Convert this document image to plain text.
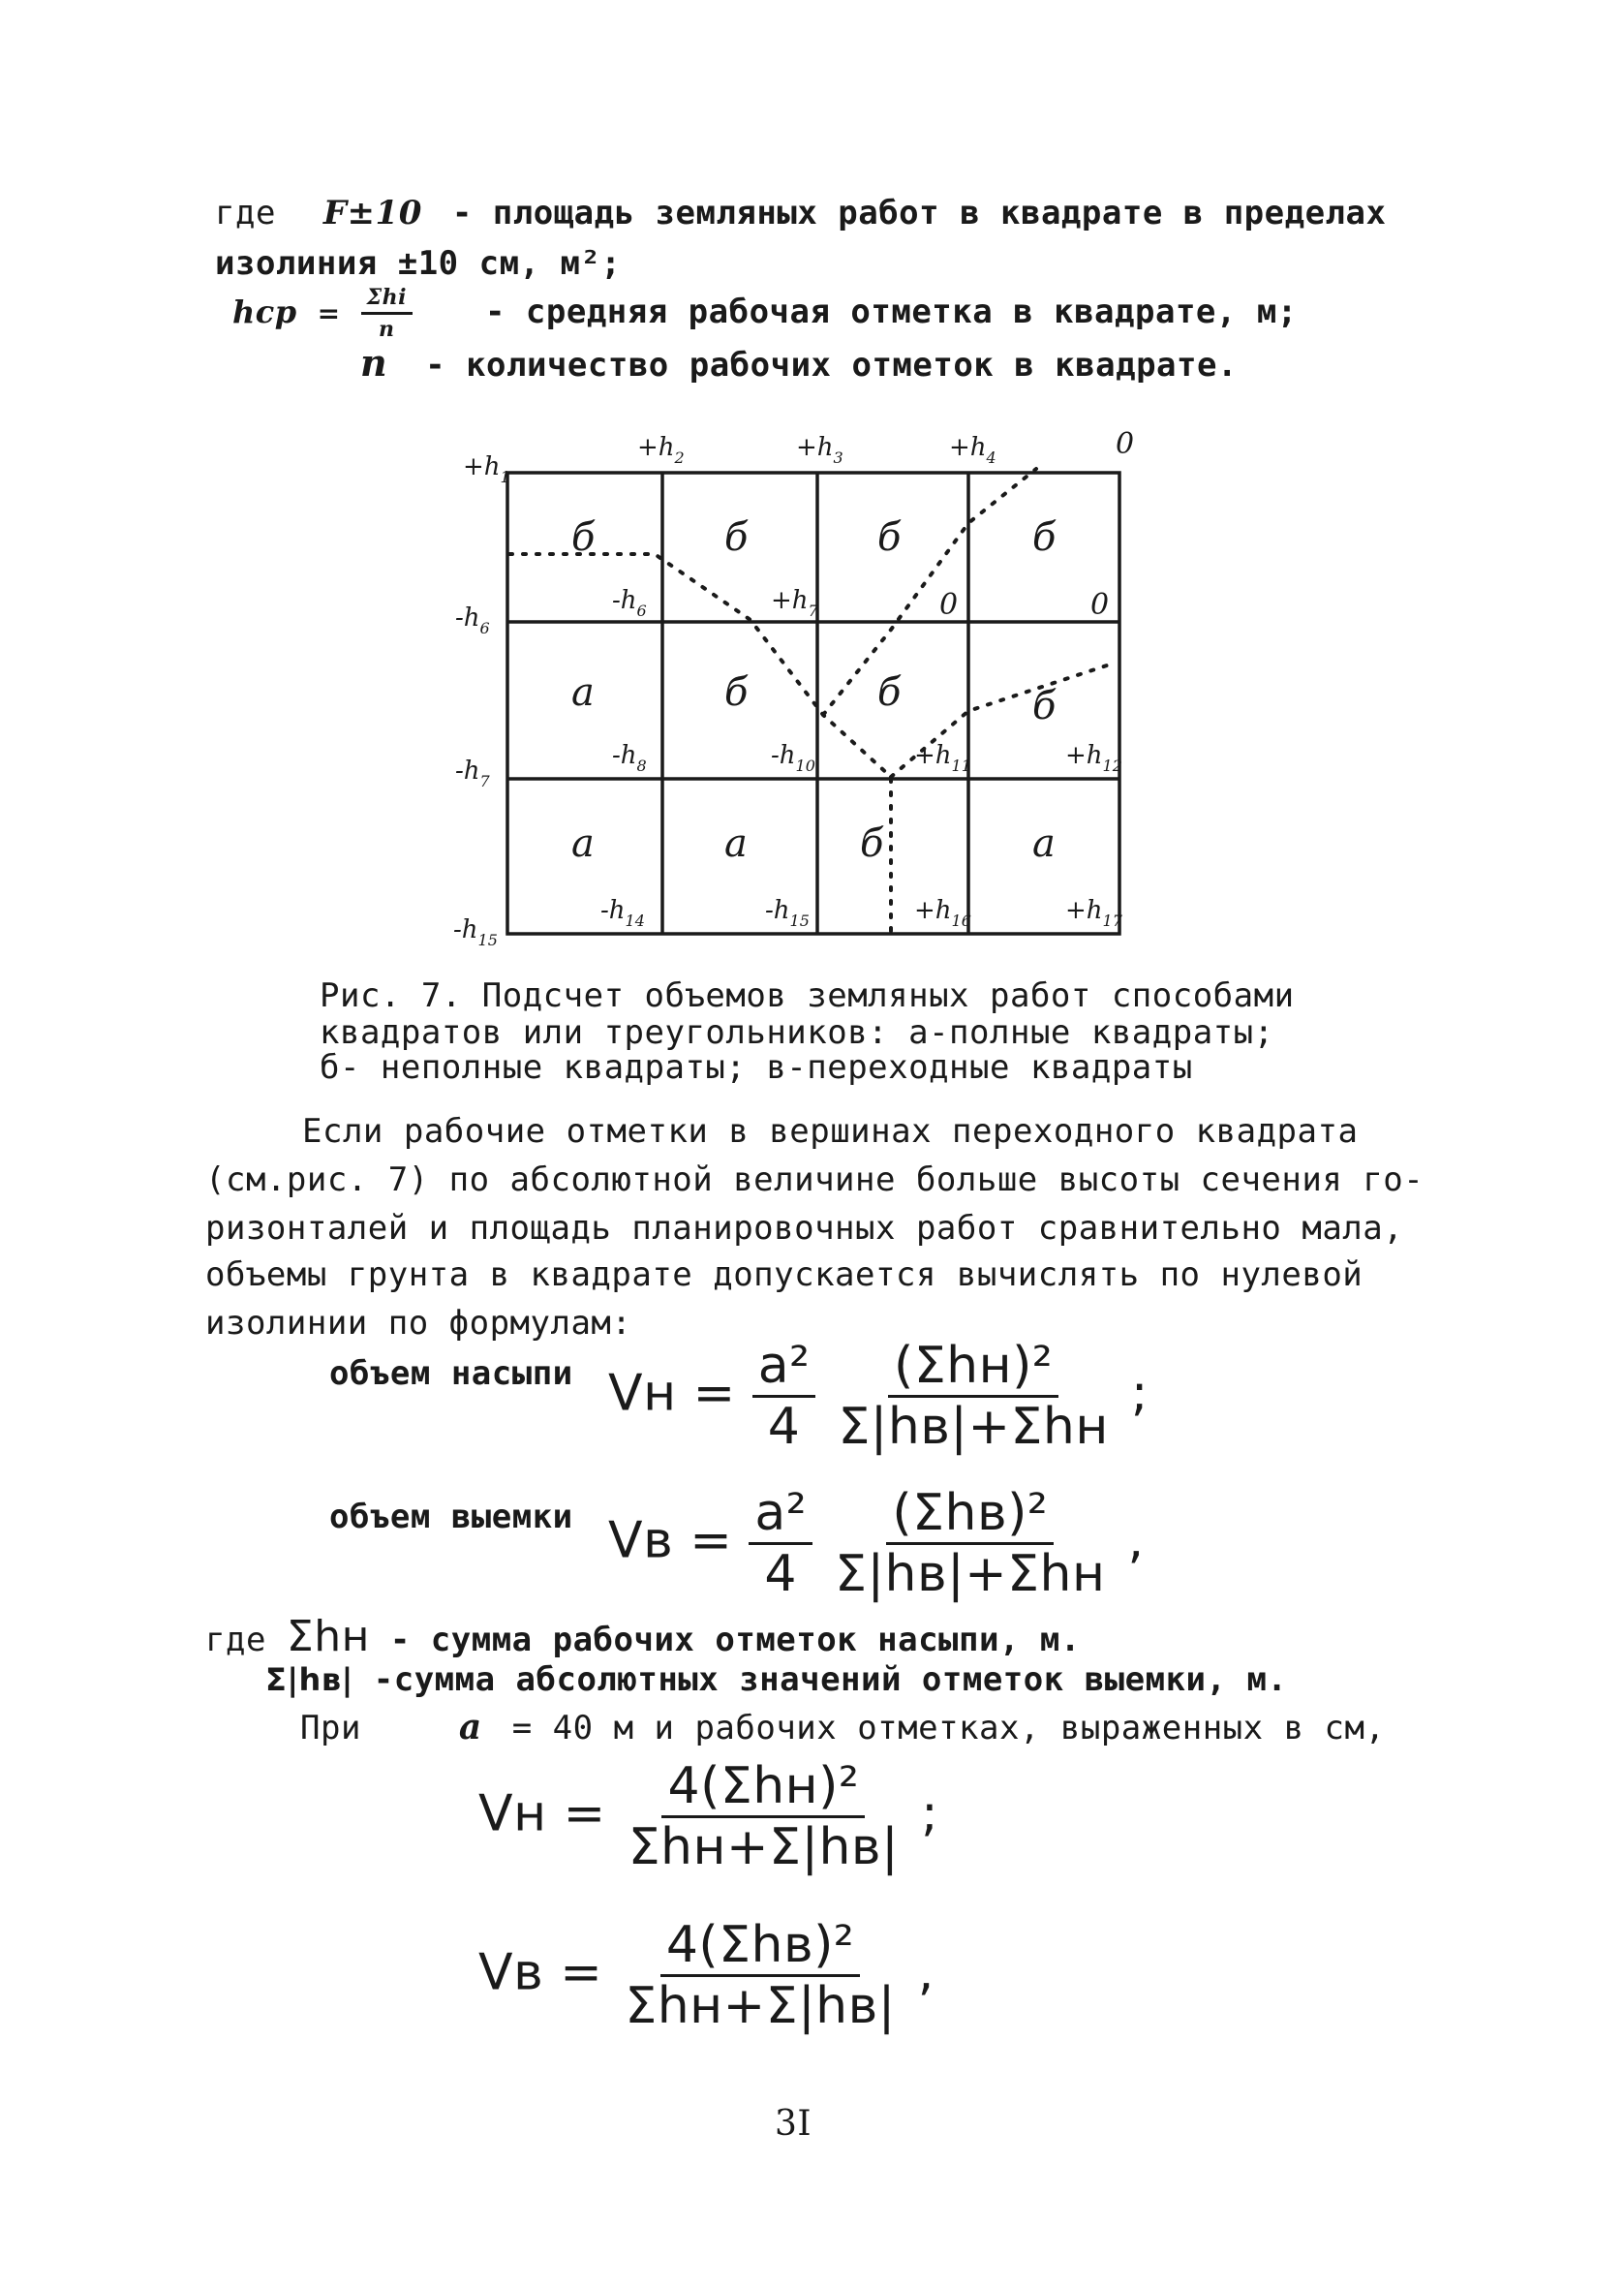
где F±10 - площадь земляных работ в квадрате в пределах
изолиния ±10 см, м²;
hср = $\frac{\text{Σhi}}{n}$ - средняя рабочая отметка в квадрате, м;
n - количество рабочих отметок в квадрате.
$+h_1$
$+h_2$	$+h_3$	$+h_4$	0
$-h_6$
$-h_7$
$-h_{15}$
$-h_6$	$+h_7$	0	0
$-h_8$	$-h_{10}$	$+h_{11}$	$+h_{12}$
$-h_{14}$	$-h_{15}$	$+h_{16}$	$+h_{17}$
б	б	б	б
а	б	б	б
а	а	б	а
Рис. 7. Подсчет объемов земляных работ способами
квадратов или треугольников: а-полные квадраты;
б- неполные квадраты; в-переходные квадраты
Если рабочие отметки в вершинах переходного квадрата
(см.рис. 7) по абсолютной величине больше высоты сечения го-
ризонталей и площадь планировочных работ сравнительно мала,
объемы грунта в квадрате допускается вычислять по нулевой
изолинии по формулам:
объем насыпи Vн = $\frac{\text{a²}}{4}$
$\frac{\text{(Σhн)²}}{\text{Σ|hв|+Σhн}}$ ;
объем выемки Vв = $\frac{\text{a²}}{4}$
$\frac{\text{(Σhв)²}}{\text{Σ|hв|+Σhн}}$ ,
где Σhн - сумма рабочих отметок насыпи, м.
Σ|hв| -сумма абсолютных значений отметок выемки, м.
При	a = 40 м и рабочих отметках, выраженных в см,
Vн = $\frac{\text{4(Σhн)²}}{\text{Σhн+Σ|hв|}}$ ;
Vв = $\frac{\text{4(Σhв)²}}{\text{Σhн+Σ|hв|}}$ ,
3I
